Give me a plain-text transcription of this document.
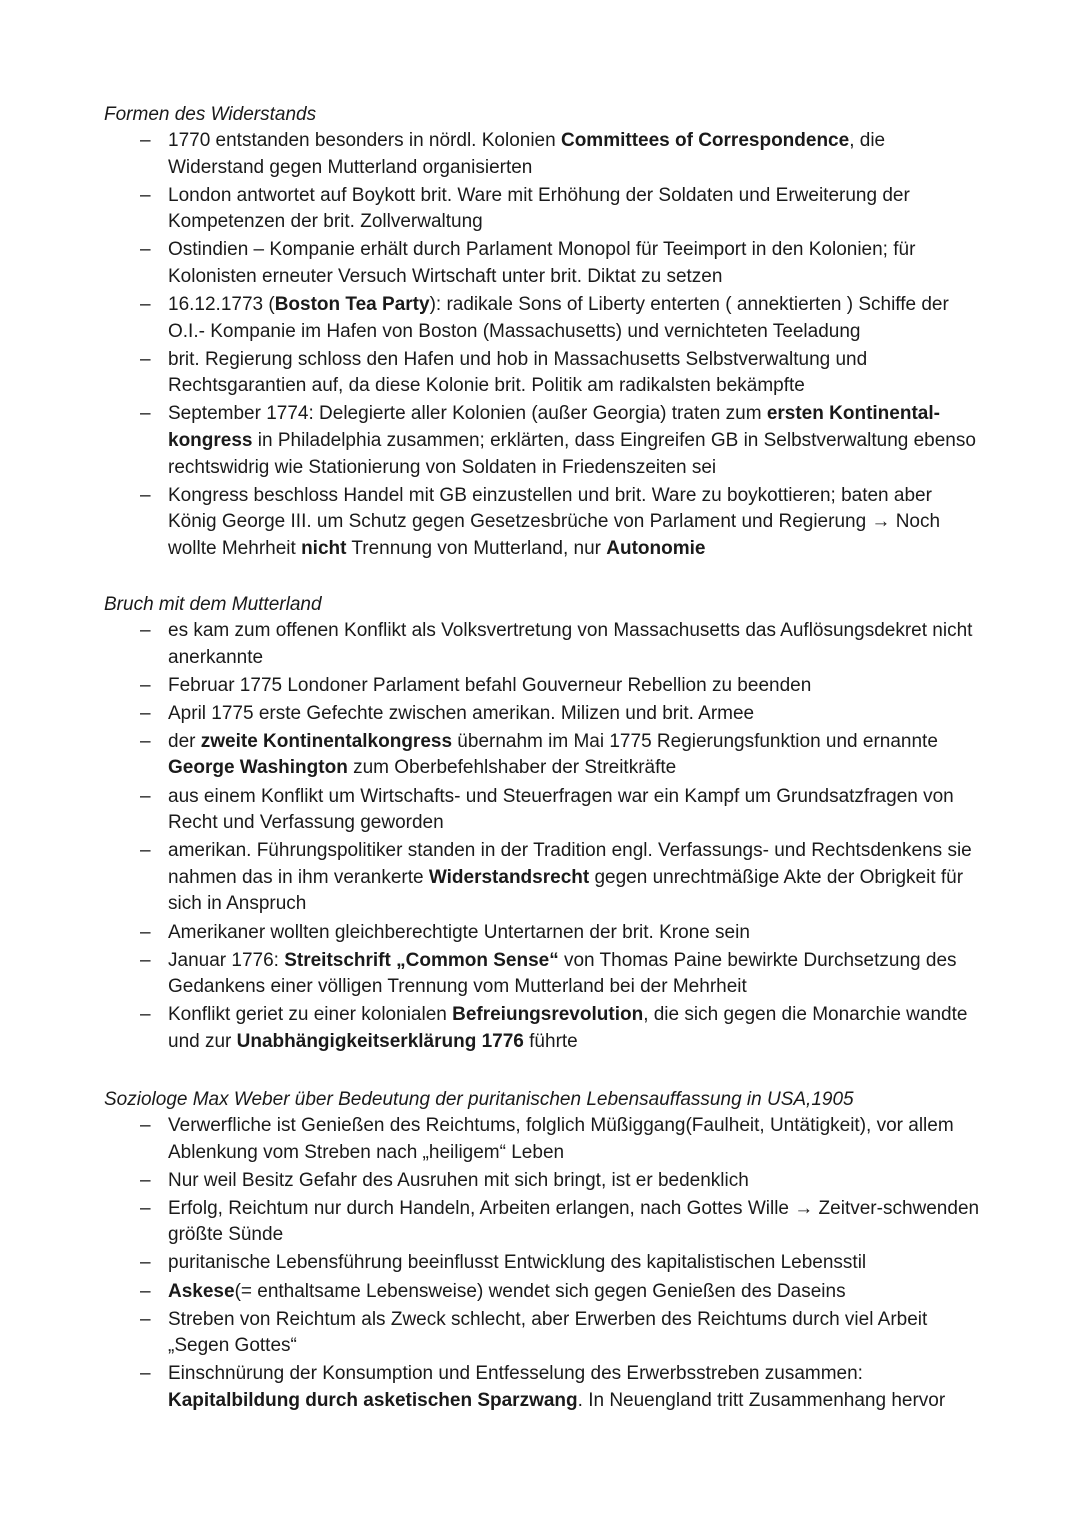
Formen des Widerstands
– 1770 entstanden besonders in nördl. Kolonien Committees of Correspondence, die Widerstand gegen Mutterland organisierten
– London antwortet auf Boykott brit. Ware mit Erhöhung der Soldaten und Erweiterung der Kompetenzen der brit. Zollverwaltung
– Ostindien – Kompanie erhält durch Parlament Monopol für Teeimport in den Kolonien; für Kolonisten erneuter Versuch Wirtschaft unter brit. Diktat zu setzen
– 16.12.1773 (Boston Tea Party): radikale Sons of Liberty enterten ( annektierten ) Schiffe der O.I.- Kompanie im Hafen von Boston (Massachusetts) und vernichteten Teeladung
– brit. Regierung schloss den Hafen und hob in Massachusetts Selbstverwaltung und Rechtsgarantien auf, da diese Kolonie brit. Politik am radikalsten bekämpfte
– September 1774: Delegierte aller Kolonien (außer Georgia) traten zum ersten Kontinental-kongress in Philadelphia zusammen; erklärten, dass Eingreifen GB in Selbstverwaltung ebenso rechtswidrig wie Stationierung von Soldaten in Friedenszeiten sei
– Kongress beschloss Handel mit GB einzustellen und brit. Ware zu boykottieren; baten aber König George III. um Schutz gegen Gesetzesbrüche von Parlament und Regierung → Noch wollte Mehrheit nicht Trennung von Mutterland, nur Autonomie
Bruch mit dem Mutterland
– es kam zum offenen Konflikt als Volksvertretung von Massachusetts das Auflösungsdekret nicht anerkannte
– Februar 1775 Londoner Parlament befahl Gouverneur Rebellion zu beenden
– April 1775 erste Gefechte zwischen amerikan. Milizen und brit. Armee
– der zweite Kontinentalkongress übernahm im Mai 1775 Regierungsfunktion und ernannte George Washington zum Oberbefehlshaber der Streitkräfte
– aus einem Konflikt um Wirtschafts- und Steuerfragen war ein Kampf um Grundsatzfragen von Recht und Verfassung geworden
– amerikan. Führungspolitiker standen in der Tradition engl. Verfassungs- und Rechtsdenkens sie nahmen das in ihm verankerte Widerstandsrecht gegen unrechtmäßige Akte der Obrigkeit für sich in Anspruch
– Amerikaner wollten gleichberechtigte Untertarnen der brit. Krone sein
– Januar 1776: Streitschrift „Common Sense“ von Thomas Paine bewirkte Durchsetzung des Gedankens einer völligen Trennung vom Mutterland bei der Mehrheit
– Konflikt geriet zu einer kolonialen Befreiungsrevolution, die sich gegen die Monarchie wandte und zur Unabhängigkeitserklärung 1776 führte
Soziologe Max Weber über Bedeutung der puritanischen Lebensauffassung in USA,1905
– Verwerfliche ist Genießen des Reichtums, folglich Müßiggang(Faulheit, Untätigkeit), vor allem Ablenkung vom Streben nach „heiligem“ Leben
– Nur weil Besitz Gefahr des Ausruhen mit sich bringt, ist er bedenklich
– Erfolg, Reichtum nur durch Handeln, Arbeiten erlangen, nach Gottes Wille → Zeitver-schwenden größte Sünde
– puritanische Lebensführung beeinflusst Entwicklung des kapitalistischen Lebensstil
– Askese(= enthaltsame Lebensweise) wendet sich gegen Genießen des Daseins
– Streben von Reichtum als Zweck schlecht, aber Erwerben des Reichtums durch viel Arbeit „Segen Gottes“
– Einschnürung der Konsumption und Entfesselung des Erwerbsstreben zusammen: Kapitalbildung durch asketischen Sparzwang. In Neuengland tritt Zusammenhang hervor
